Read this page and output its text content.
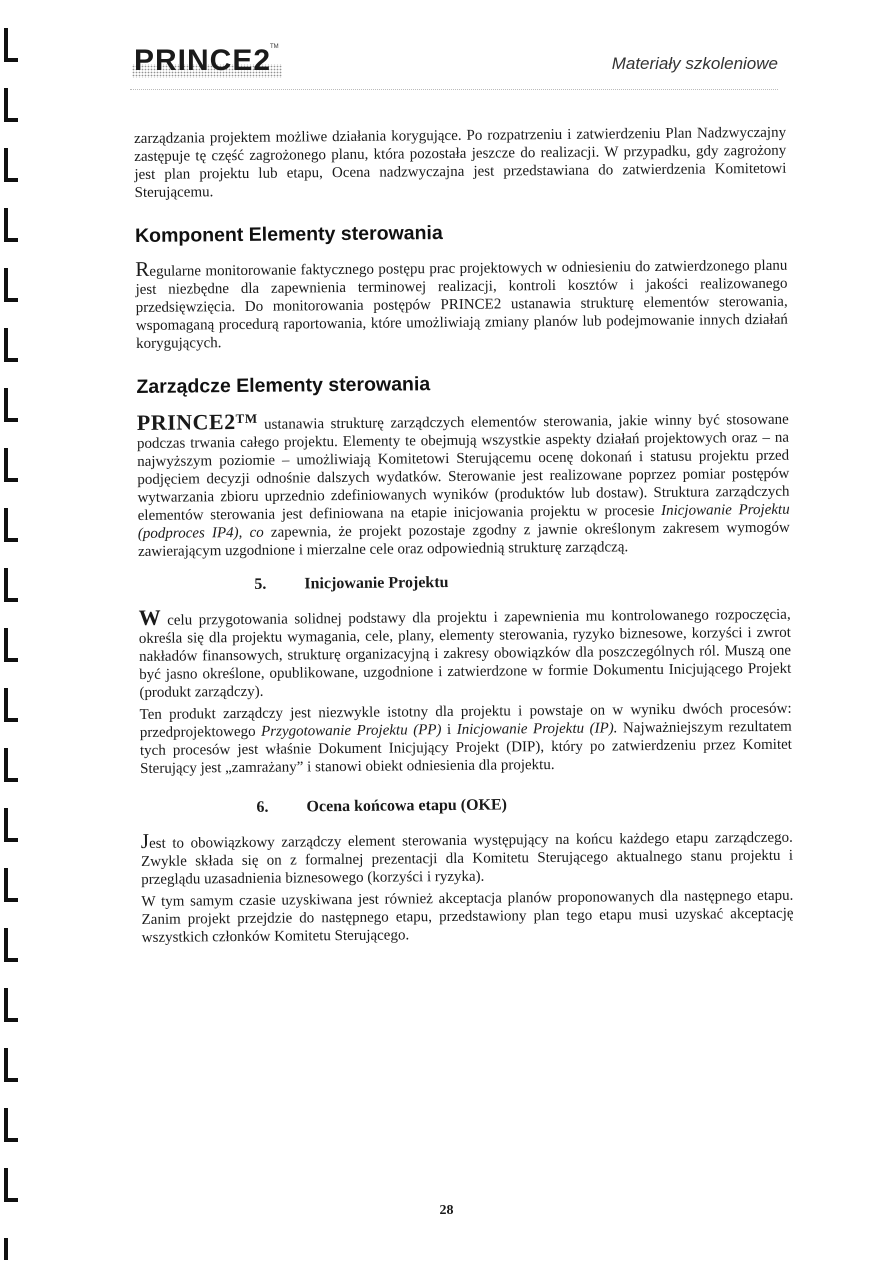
PRINCE2
TM
Materiały szkoleniowe

zarządzania projektem możliwe działania korygujące. Po rozpatrzeniu i zatwierdzeniu Plan Nadzwyczajny zastępuje tę część zagrożonego planu, która pozostała jeszcze do realizacji. W przypadku, gdy zagrożony jest plan projektu lub etapu, Ocena nadzwyczajna jest przedstawiana do zatwierdzenia Komitetowi Sterującemu.

Komponent Elementy sterowania

Regularne monitorowanie faktycznego postępu prac projektowych w odniesieniu do zatwierdzonego planu jest niezbędne dla zapewnienia terminowej realizacji, kontroli kosztów i jakości realizowanego przedsięwzięcia. Do monitorowania postępów PRINCE2 ustanawia strukturę elementów sterowania, wspomaganą procedurą raportowania, które umożliwiają zmiany planów lub podejmowanie innych działań korygujących.

Zarządcze Elementy sterowania

PRINCE2™ ustanawia strukturę zarządczych elementów sterowania, jakie winny być stosowane podczas trwania całego projektu. Elementy te obejmują wszystkie aspekty działań projektowych oraz – na najwyższym poziomie – umożliwiają Komitetowi Sterującemu ocenę dokonań i statusu projektu przed podjęciem decyzji odnośnie dalszych wydatków. Sterowanie jest realizowane poprzez pomiar postępów wytwarzania zbioru uprzednio zdefiniowanych wyników (produktów lub dostaw). Struktura zarządczych elementów sterowania jest definiowana na etapie inicjowania projektu w procesie Inicjowanie Projektu (podproces IP4), co zapewnia, że projekt pozostaje zgodny z jawnie określonym zakresem wymogów zawierającym uzgodnione i mierzalne cele oraz odpowiednią strukturę zarządczą.

5. Inicjowanie Projektu

W celu przygotowania solidnej podstawy dla projektu i zapewnienia mu kontrolowanego rozpoczęcia, określa się dla projektu wymagania, cele, plany, elementy sterowania, ryzyko biznesowe, korzyści i zwrot nakładów finansowych, strukturę organizacyjną i zakresy obowiązków dla poszczególnych ról. Muszą one być jasno określone, opublikowane, uzgodnione i zatwierdzone w formie Dokumentu Inicjującego Projekt (produkt zarządczy).

Ten produkt zarządczy jest niezwykle istotny dla projektu i powstaje on w wyniku dwóch procesów: przedprojektowego Przygotowanie Projektu (PP) i Inicjowanie Projektu (IP). Najważniejszym rezultatem tych procesów jest właśnie Dokument Inicjujący Projekt (DIP), który po zatwierdzeniu przez Komitet Sterujący jest „zamrażany” i stanowi obiekt odniesienia dla projektu.

6. Ocena końcowa etapu (OKE)

Jest to obowiązkowy zarządczy element sterowania występujący na końcu każdego etapu zarządczego. Zwykle składa się on z formalnej prezentacji dla Komitetu Sterującego aktualnego stanu projektu i przeglądu uzasadnienia biznesowego (korzyści i ryzyka).

W tym samym czasie uzyskiwana jest również akceptacja planów proponowanych dla następnego etapu. Zanim projekt przejdzie do następnego etapu, przedstawiony plan tego etapu musi uzyskać akceptację wszystkich członków Komitetu Sterującego.

28
